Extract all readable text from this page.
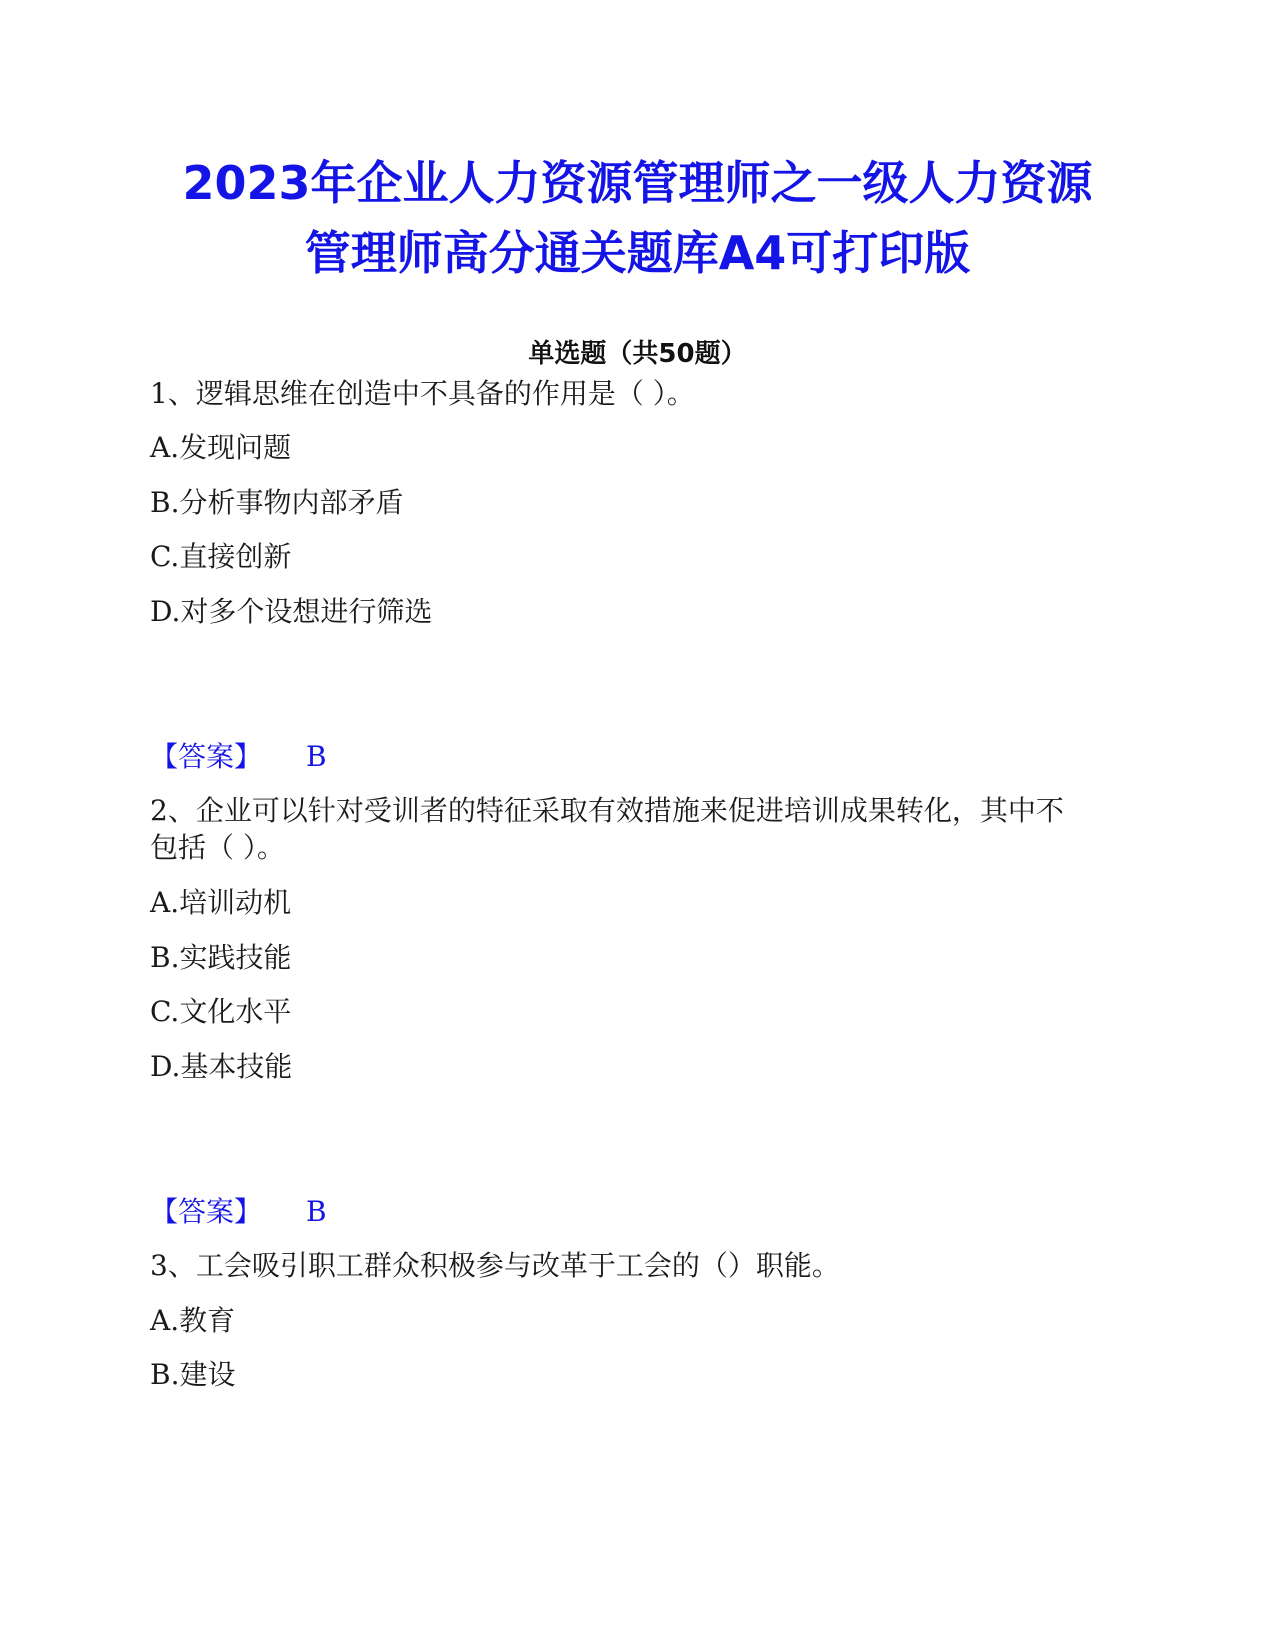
2023年企业人力资源管理师之一级人力资源
管理师高分通关题库A4可打印版
单选题（共50题）
1、逻辑思维在创造中不具备的作用是（ ）。
A.发现问题
B.分析事物内部矛盾
C.直接创新
D.对多个设想进行筛选
【答案】 B
2、企业可以针对受训者的特征采取有效措施来促进培训成果转化，其中不
包括（ ）。
A.培训动机
B.实践技能
C.文化水平
D.基本技能
【答案】 B
3、工会吸引职工群众积极参与改革于工会的（）职能。
A.教育
B.建设
